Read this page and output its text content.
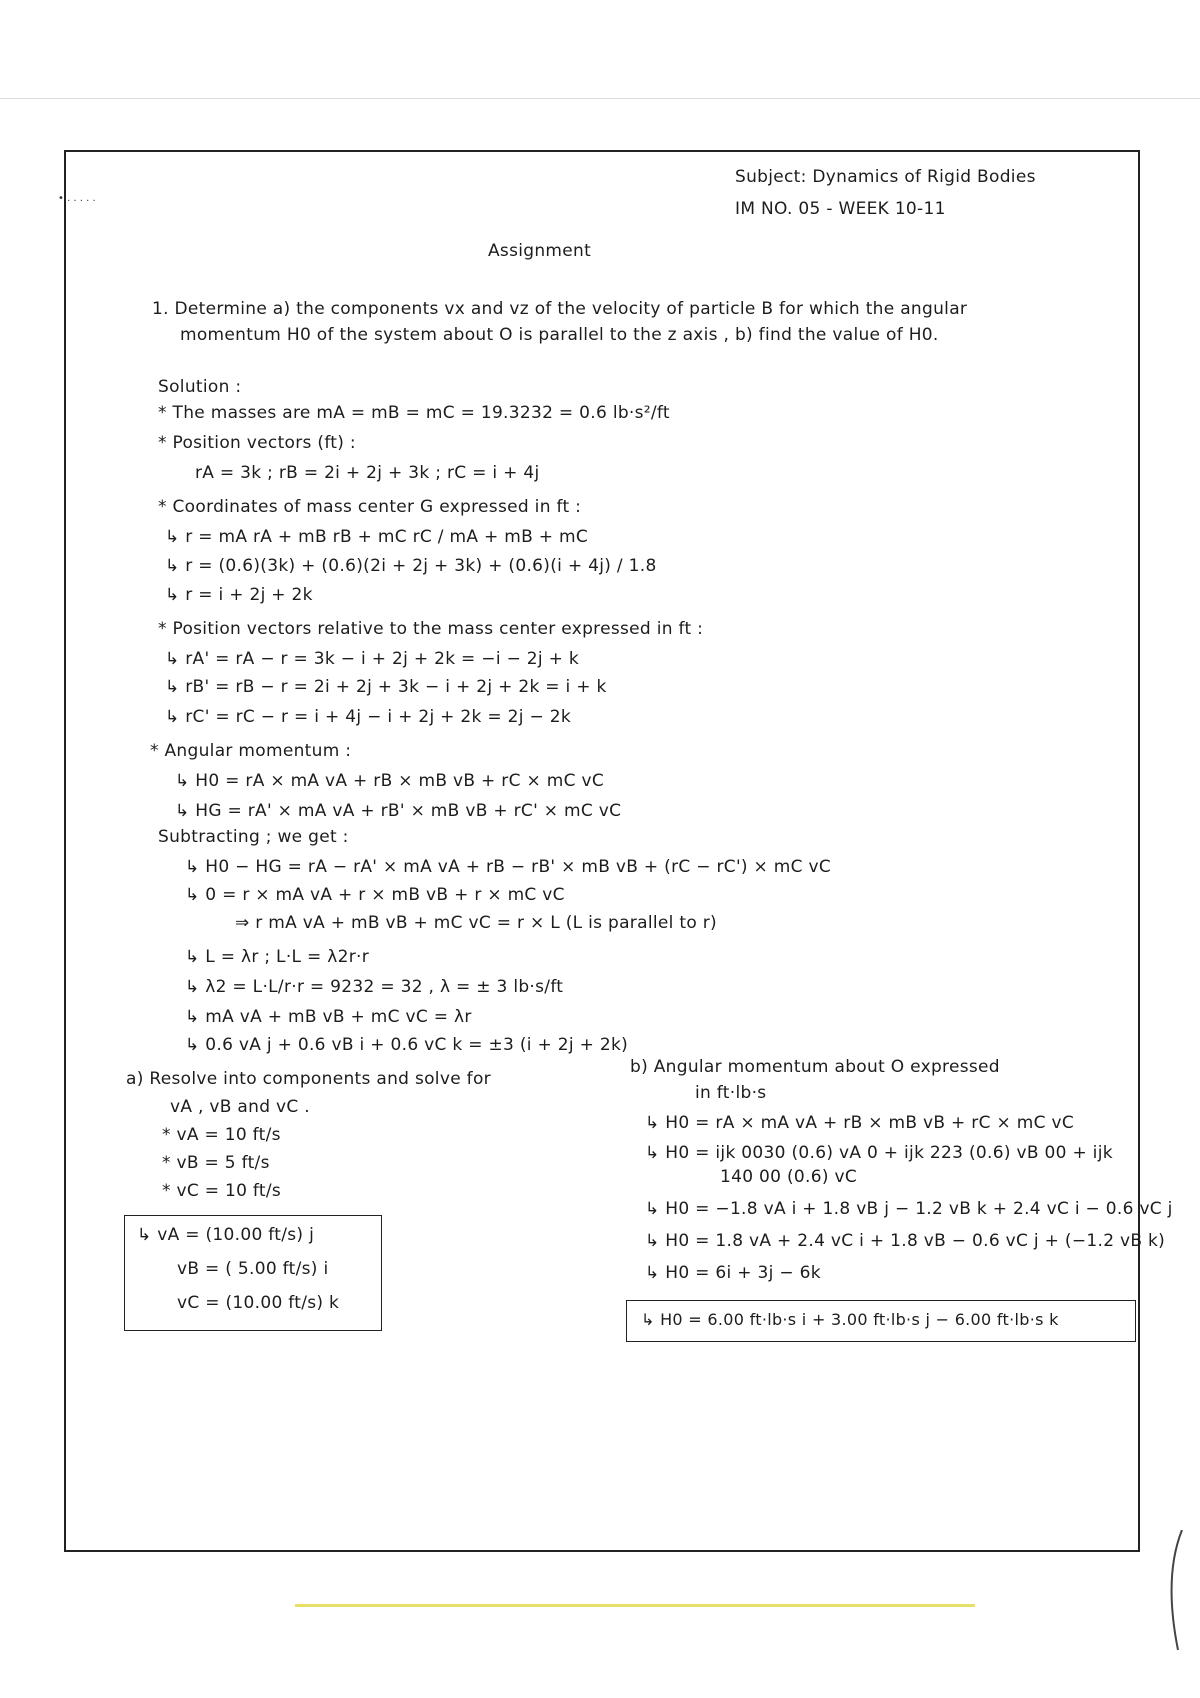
• . . . . .
Subject: Dynamics of Rigid Bodies
IM NO. 05 - WEEK 10-11
Assignment
1. Determine a) the components vx and vz of the velocity of particle B for which the angular
momentum H0 of the system about O is parallel to the z axis , b) find the value of H0.
Solution :
* The masses are mA = mB = mC = 19.3232 = 0.6 lb·s²/ft
* Position vectors (ft) :
rA = 3k ; rB = 2i + 2j + 3k ; rC = i + 4j
* Coordinates of mass center G expressed in ft :
↳ r = mA rA + mB rB + mC rC / mA + mB + mC
↳ r = (0.6)(3k) + (0.6)(2i + 2j + 3k) + (0.6)(i + 4j) / 1.8
↳ r = i + 2j + 2k
* Position vectors relative to the mass center expressed in ft :
↳ rA' = rA − r = 3k − i + 2j + 2k = −i − 2j + k
↳ rB' = rB − r = 2i + 2j + 3k − i + 2j + 2k = i + k
↳ rC' = rC − r = i + 4j − i + 2j + 2k = 2j − 2k
* Angular momentum :
↳ H0 = rA × mA vA + rB × mB vB + rC × mC vC
↳ HG = rA' × mA vA + rB' × mB vB + rC' × mC vC
Subtracting ; we get :
↳ H0 − HG = rA − rA' × mA vA + rB − rB' × mB vB + (rC − rC') × mC vC
↳ 0 = r × mA vA + r × mB vB + r × mC vC
⇒ r mA vA + mB vB + mC vC = r × L (L is parallel to r)
↳ L = λr ; L·L = λ2r·r
↳ λ2 = L·L/r·r = 9232 = 32 , λ = ± 3 lb·s/ft
↳ mA vA + mB vB + mC vC = λr
↳ 0.6 vA j + 0.6 vB i + 0.6 vC k = ±3 (i + 2j + 2k)
a) Resolve into components and solve for
vA , vB and vC .
* vA = 10 ft/s
* vB = 5 ft/s
* vC = 10 ft/s
↳ vA = (10.00 ft/s) j
vB = ( 5.00 ft/s) i
vC = (10.00 ft/s) k
b) Angular momentum about O expressed
in ft·lb·s
↳ H0 = rA × mA vA + rB × mB vB + rC × mC vC
↳ H0 = ijk 0030 (0.6) vA 0 + ijk 223 (0.6) vB 00 + ijk
140 00 (0.6) vC
↳ H0 = −1.8 vA i + 1.8 vB j − 1.2 vB k + 2.4 vC i − 0.6 vC j
↳ H0 = 1.8 vA + 2.4 vC i + 1.8 vB − 0.6 vC j + (−1.2 vB k)
↳ H0 = 6i + 3j − 6k
↳ H0 = 6.00 ft·lb·s i + 3.00 ft·lb·s j − 6.00 ft·lb·s k
